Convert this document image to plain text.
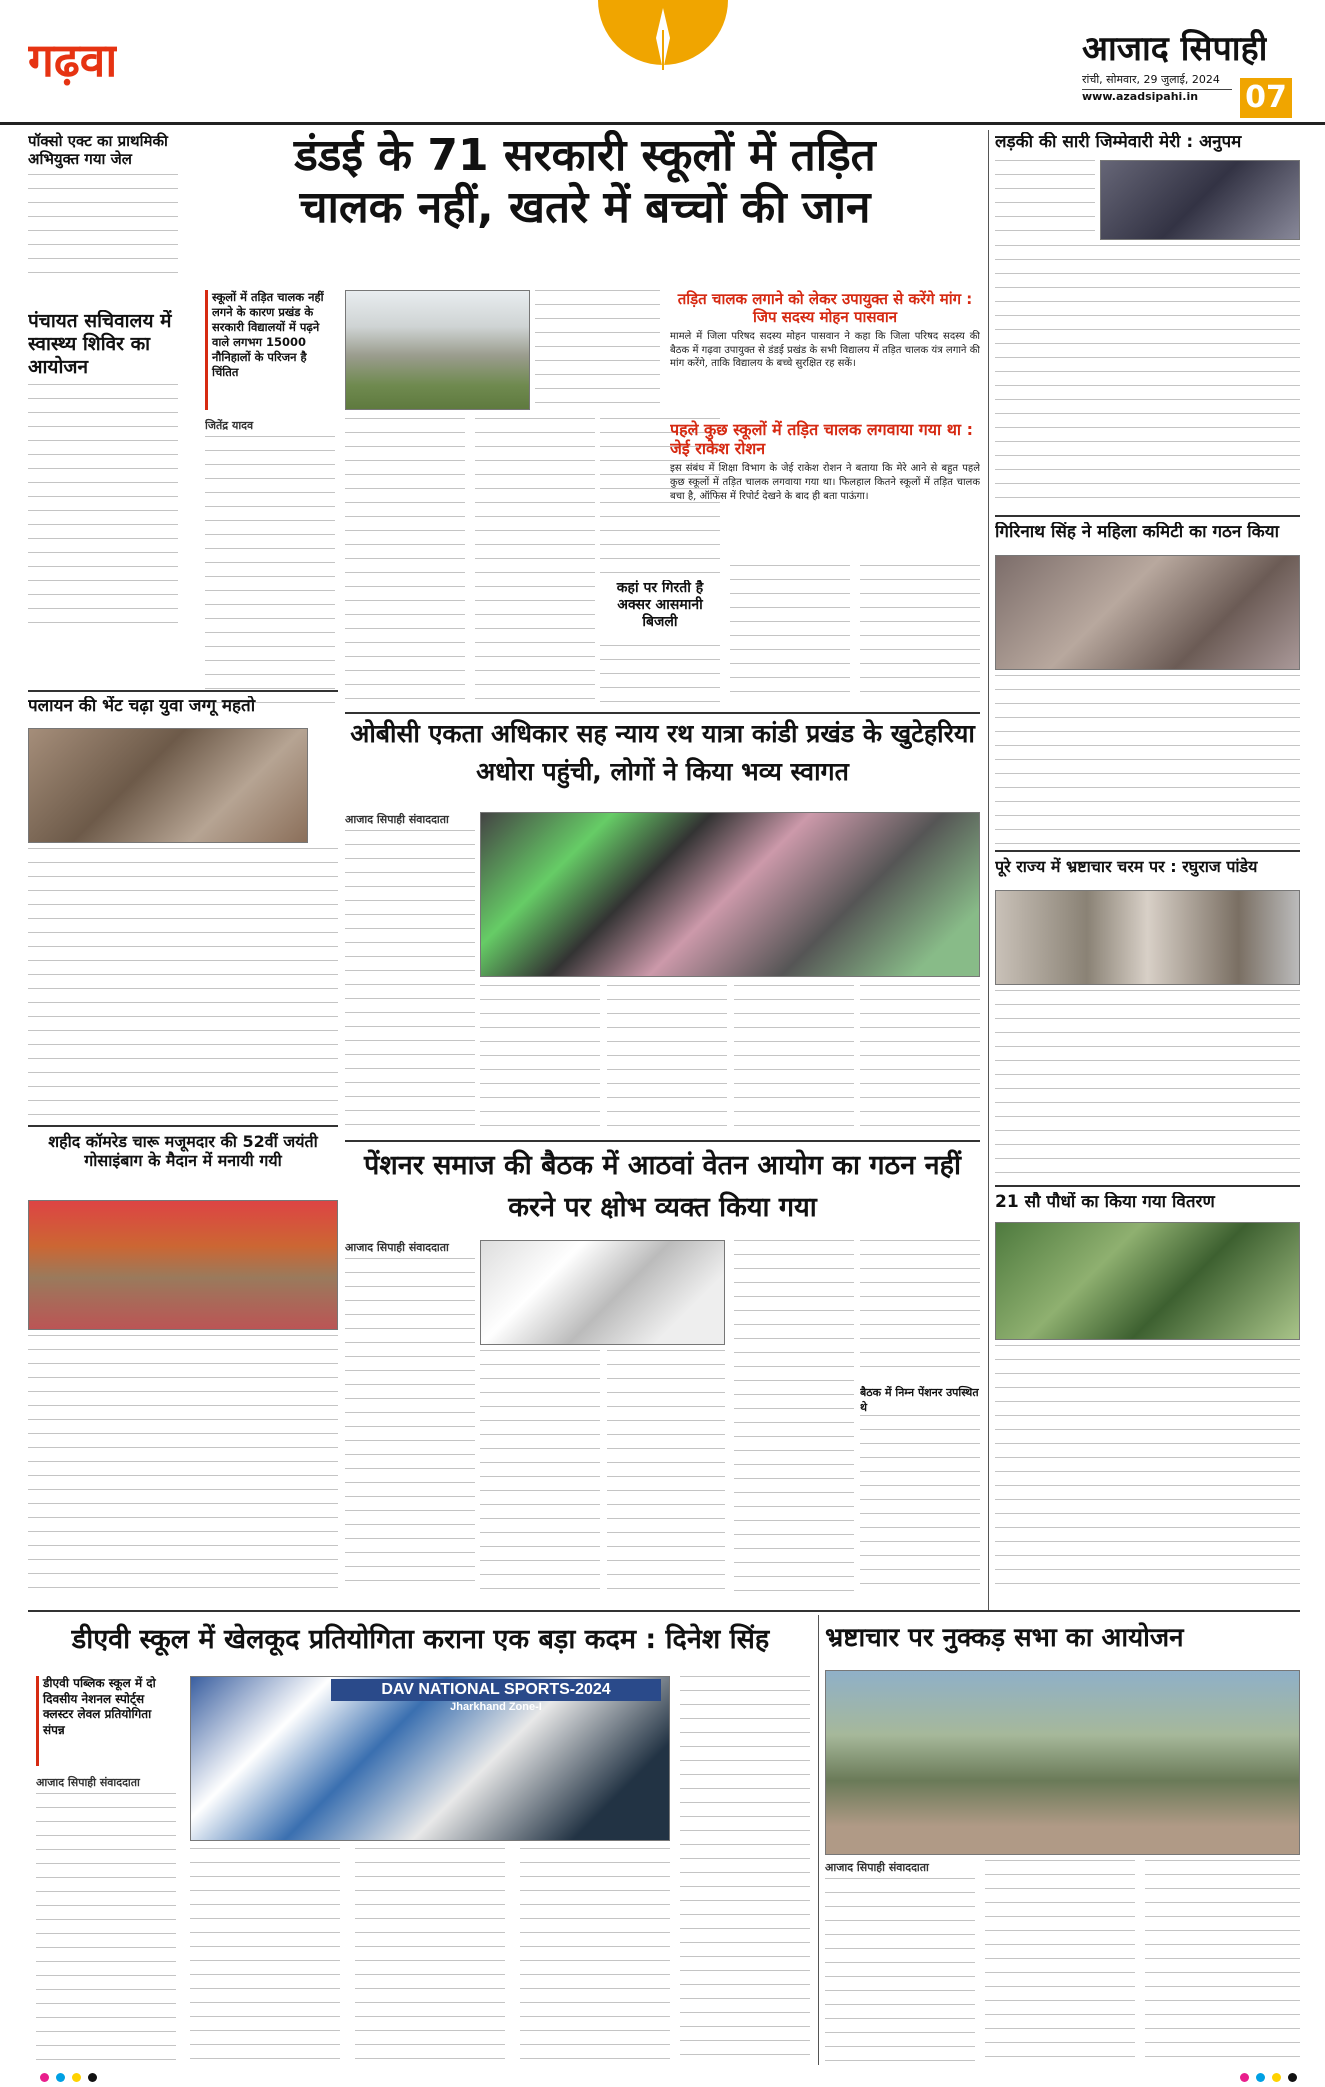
गढ़वा	आजाद सिपाही
रांची, सोमवार, 29 जुलाई, 2024
www.azadsipahi.in 07
पॉक्सो एक्ट का प्राथमिकी अभियुक्त गया जेल
पंचायत सचिवालय में स्वास्थ्य शिविर का आयोजन
पलायन की भेंट चढ़ा युवा जग्गू महतो
शहीद कॉमरेड चारू मजूमदार की 52वीं जयंती गोसाइंबाग के मैदान में मनायी गयी
डंडई के 71 सरकारी स्कूलों में तड़ित
चालक नहीं, खतरे में बच्चों की जान
स्कूलों में तड़ित चालक नहीं लगने के कारण प्रखंड के सरकारी विद्यालयों में पढ़ने वाले लगभग 15000 नौनिहालों के परिजन है चिंतित
जितेंद्र यादव
कहां पर गिरती है अक्सर आसमानी बिजली
तड़ित चालक लगाने को लेकर उपायुक्त से करेंगे मांग : जिप सदस्य मोहन पासवान
मामले में जिला परिषद सदस्य मोहन पासवान ने कहा कि जिला परिषद सदस्य की बैठक में गढ़वा उपायुक्त से डंडई प्रखंड के सभी विद्यालय में तड़ित चालक यंत्र लगाने की मांग करेंगे, ताकि विद्यालय के बच्चे सुरक्षित रह सकें।
पहले कुछ स्कूलों में तड़ित चालक लगवाया गया था : जेई राकेश रोशन
इस संबंध में शिक्षा विभाग के जेई राकेश रोशन ने बताया कि मेरे आने से बहुत पहले कुछ स्कूलों में तड़ित चालक लगवाया गया था। फिलहाल कितने स्कूलों में तड़ित चालक बचा है, ऑफिस में रिपोर्ट देखने के बाद ही बता पाऊंगा।
लड़की की सारी जिम्मेवारी मेरी : अनुपम
गिरिनाथ सिंह ने महिला कमिटी का गठन किया
पूरे राज्य में भ्रष्टाचार चरम पर : रघुराज पांडेय
21 सौ पौधों का किया गया वितरण
ओबीसी एकता अधिकार सह न्याय रथ यात्रा कांडी प्रखंड के खुटेहरिया अधोरा पहुंची, लोगों ने किया भव्य स्वागत
आजाद सिपाही संवाददाता
पेंशनर समाज की बैठक में आठवां वेतन आयोग का गठन नहीं करने पर क्षोभ व्यक्त किया गया
आजाद सिपाही संवाददाता
बैठक में निम्न पेंशनर उपस्थित थे
डीएवी स्कूल में खेलकूद प्रतियोगिता कराना एक बड़ा कदम : दिनेश सिंह
डीएवी पब्लिक स्कूल में दो दिवसीय नेशनल स्पोर्ट्स क्लस्टर लेवल प्रतियोगिता संपन्न
आजाद सिपाही संवाददाता
DAV NATIONAL SPORTS-2024
Jharkhand Zone-I
भ्रष्टाचार पर नुक्कड़ सभा का आयोजन
आजाद सिपाही संवाददाता
